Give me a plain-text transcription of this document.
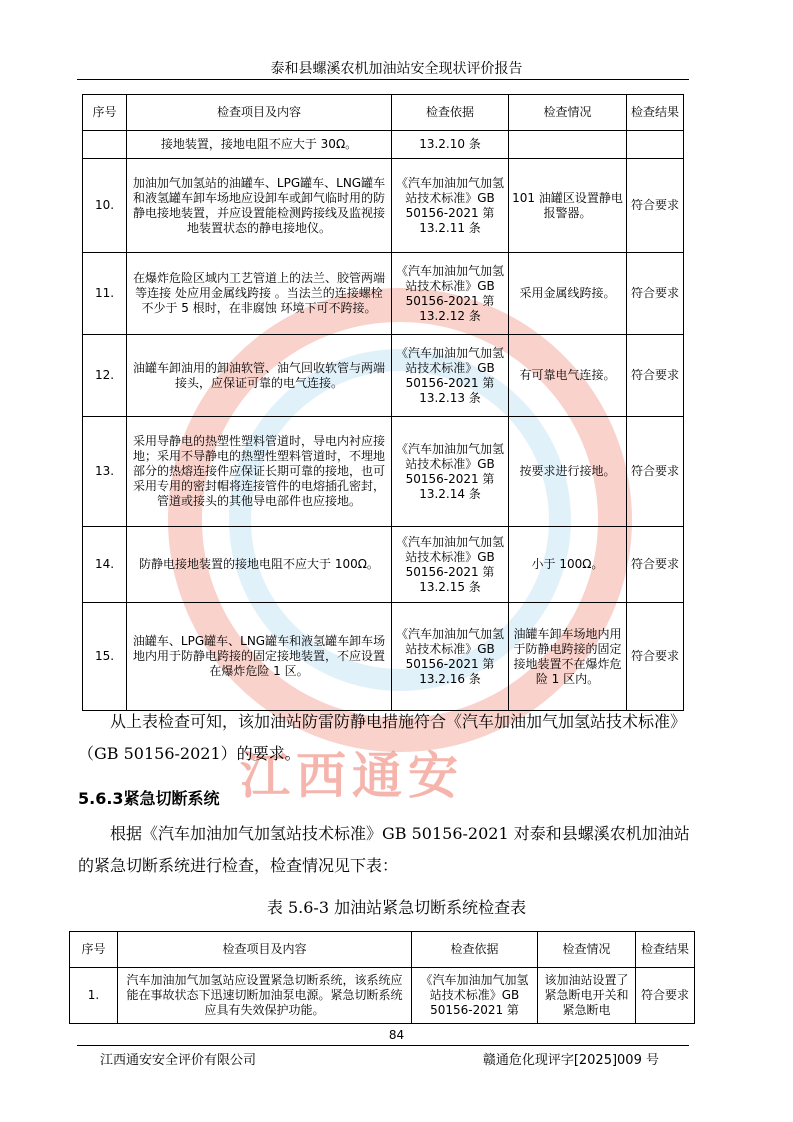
江西通安
泰和县螺溪农机加油站安全现状评价报告
序号	检查项目及内容	检查依据	检查情况	检查结果
	接地装置，接地电阻不应大于 30Ω。	13.2.10 条		
10.	加油加气加氢站的油罐车、LPG罐车、LNG罐车和液氢罐车卸车场地应设卸车或卸气临时用的防静电接地装置，并应设置能检测跨接线及监视接地装置状态的静电接地仪。	《汽车加油加气加氢站技术标准》GB 50156-2021 第 13.2.11 条	101 油罐区设置静电报警器。	符合要求
11.	在爆炸危险区域内工艺管道上的法兰、胶管两端等连接 处应用金属线跨接 。当法兰的连接螺栓不少于 5 根时，在非腐蚀 环境下可不跨接。	《汽车加油加气加氢站技术标准》GB 50156-2021 第 13.2.12 条	采用金属线跨接。	符合要求
12.	油罐车卸油用的卸油软管、油气回收软管与两端接头，应保证可靠的电气连接。	《汽车加油加气加氢站技术标准》GB 50156-2021 第 13.2.13 条	有可靠电气连接。	符合要求
13.	采用导静电的热塑性塑料管道时，导电内衬应接地；采用不导静电的热塑性塑料管道时，不埋地部分的热熔连接件应保证长期可靠的接地，也可采用专用的密封帽将连接管件的电熔插孔密封，管道或接头的其他导电部件也应接地。	《汽车加油加气加氢站技术标准》GB 50156-2021 第 13.2.14 条	按要求进行接地。	符合要求
14.	防静电接地装置的接地电阻不应大于 100Ω。	《汽车加油加气加氢站技术标准》GB 50156-2021 第 13.2.15 条	小于 100Ω。	符合要求
15.	油罐车、LPG罐车、LNG罐车和液氢罐车卸车场地内用于防静电跨接的固定接地装置，不应设置在爆炸危险 1 区。	《汽车加油加气加氢站技术标准》GB 50156-2021 第 13.2.16 条	油罐车卸车场地内用于防静电跨接的固定接地装置不在爆炸危险 1 区内。	符合要求
从上表检查可知，该加油站防雷防静电措施符合《汽车加油加气加氢站技术标准》（GB 50156-2021）的要求。
5.6.3紧急切断系统
根据《汽车加油加气加氢站技术标准》GB 50156-2021 对泰和县螺溪农机加油站的紧急切断系统进行检查，检查情况见下表：
表 5.6-3 加油站紧急切断系统检查表
序号	检查项目及内容	检查依据	检查情况	检查结果
1.	汽车加油加气加氢站应设置紧急切断系统，该系统应能在事故状态下迅速切断加油泵电源。紧急切断系统应具有失效保护功能。	《汽车加油加气加氢站技术标准》GB 50156-2021 第	该加油站设置了紧急断电开关和紧急断电	符合要求
84
江西通安安全评价有限公司	赣通危化现评字[2025]009 号
